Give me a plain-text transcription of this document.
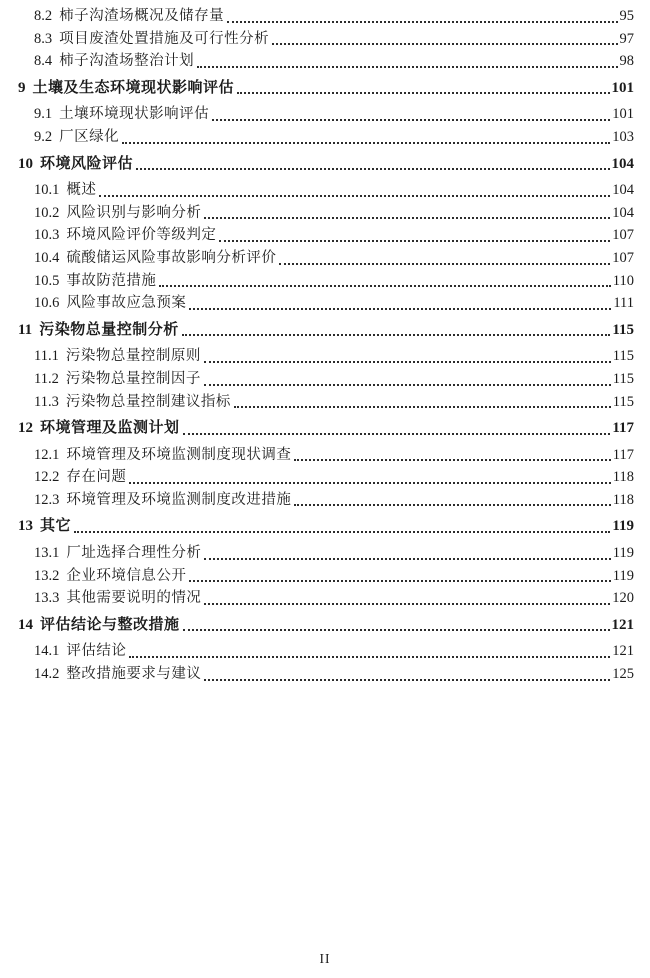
8.2 柿子沟渣场概况及储存量	95
8.3 项目废渣处置措施及可行性分析	97
8.4 柿子沟渣场整治计划	98
9 土壤及生态环境现状影响评估	101
9.1 土壤环境现状影响评估	101
9.2 厂区绿化	103
10 环境风险评估	104
10.1 概述	104
10.2 风险识别与影响分析	104
10.3 环境风险评价等级判定	107
10.4 硫酸储运风险事故影响分析评价	107
10.5 事故防范措施	110
10.6 风险事故应急预案	111
11 污染物总量控制分析	115
11.1 污染物总量控制原则	115
11.2 污染物总量控制因子	115
11.3 污染物总量控制建议指标	115
12 环境管理及监测计划	117
12.1 环境管理及环境监测制度现状调查	117
12.2 存在问题	118
12.3 环境管理及环境监测制度改进措施	118
13 其它	119
13.1 厂址选择合理性分析	119
13.2 企业环境信息公开	119
13.3 其他需要说明的情况	120
14 评估结论与整改措施	121
14.1 评估结论	121
14.2 整改措施要求与建议	125
II
